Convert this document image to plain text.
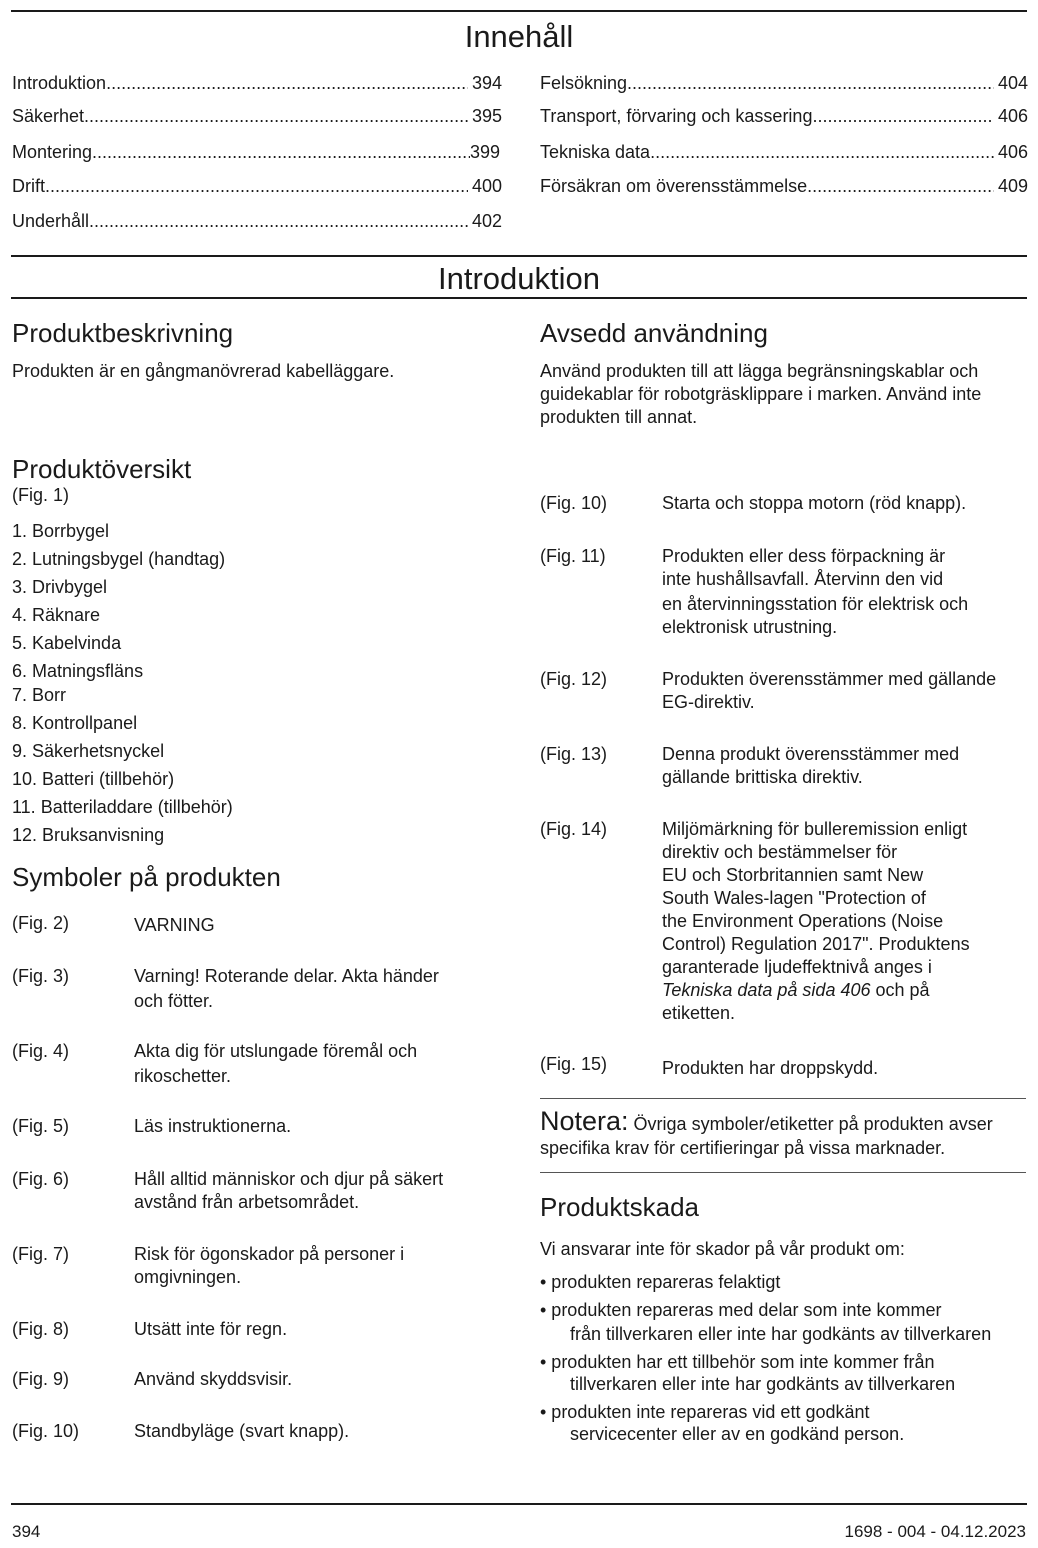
Innehåll
Introduktion .....	394
Säkerhet .....	395
Montering .....	399
Drift .....	400
Underhåll .....	402
Felsökning .....	404
Transport, förvaring och kassering .....	406
Tekniska data .....	406
Försäkran om överensstämmelse .....	409
Introduktion
Produktbeskrivning
Produkten är en gångmanövrerad kabelläggare.
Avsedd användning
Använd produkten till att lägga begränsningskablar och
guidekablar för robotgräsklippare i marken. Använd inte
produkten till annat.
Produktöversikt
(Fig. 1)
1. Borrbygel
2. Lutningsbygel (handtag)
3. Drivbygel
4. Räknare
5. Kabelvinda
6. Matningsfläns
7. Borr
8. Kontrollpanel
9. Säkerhetsnyckel
10. Batteri (tillbehör)
11. Batteriladdare (tillbehör)
12. Bruksanvisning
Symboler på produkten
(Fig. 2)	VARNING
(Fig. 3)	Varning! Roterande delar. Akta händer
och fötter.
(Fig. 4)	Akta dig för utslungade föremål och
rikoschetter.
(Fig. 5)	Läs instruktionerna.
(Fig. 6)	Håll alltid människor och djur på säkert
avstånd från arbetsområdet.
(Fig. 7)	Risk för ögonskador på personer i
omgivningen.
(Fig. 8)	Utsätt inte för regn.
(Fig. 9)	Använd skyddsvisir.
(Fig. 10)	Standbyläge (svart knapp).
(Fig. 10)	Starta och stoppa motorn (röd knapp).
(Fig. 11)	Produkten eller dess förpackning är
inte hushållsavfall. Återvinn den vid
en återvinningsstation för elektrisk och
elektronisk utrustning.
(Fig. 12)	Produkten överensstämmer med gällande
EG-direktiv.
(Fig. 13)	Denna produkt överensstämmer med
gällande brittiska direktiv.
(Fig. 14)	Miljömärkning för bulleremission enligt
direktiv och bestämmelser för
EU och Storbritannien samt New
South Wales-lagen "Protection of
the Environment Operations (Noise
Control) Regulation 2017". Produktens
garanterade ljudeffektnivå anges i
Tekniska data på sida 406 och på
etiketten.
(Fig. 15)	Produkten har droppskydd.
Notera: Övriga symboler/etiketter på produkten avser
specifika krav för certifieringar på vissa marknader.
Produktskada
Vi ansvarar inte för skador på vår produkt om:
• produkten repareras felaktigt
• produkten repareras med delar som inte kommer
från tillverkaren eller inte har godkänts av tillverkaren
• produkten har ett tillbehör som inte kommer från
tillverkaren eller inte har godkänts av tillverkaren
• produkten inte repareras vid ett godkänt
servicecenter eller av en godkänd person.
394	1698 - 004 - 04.12.2023
